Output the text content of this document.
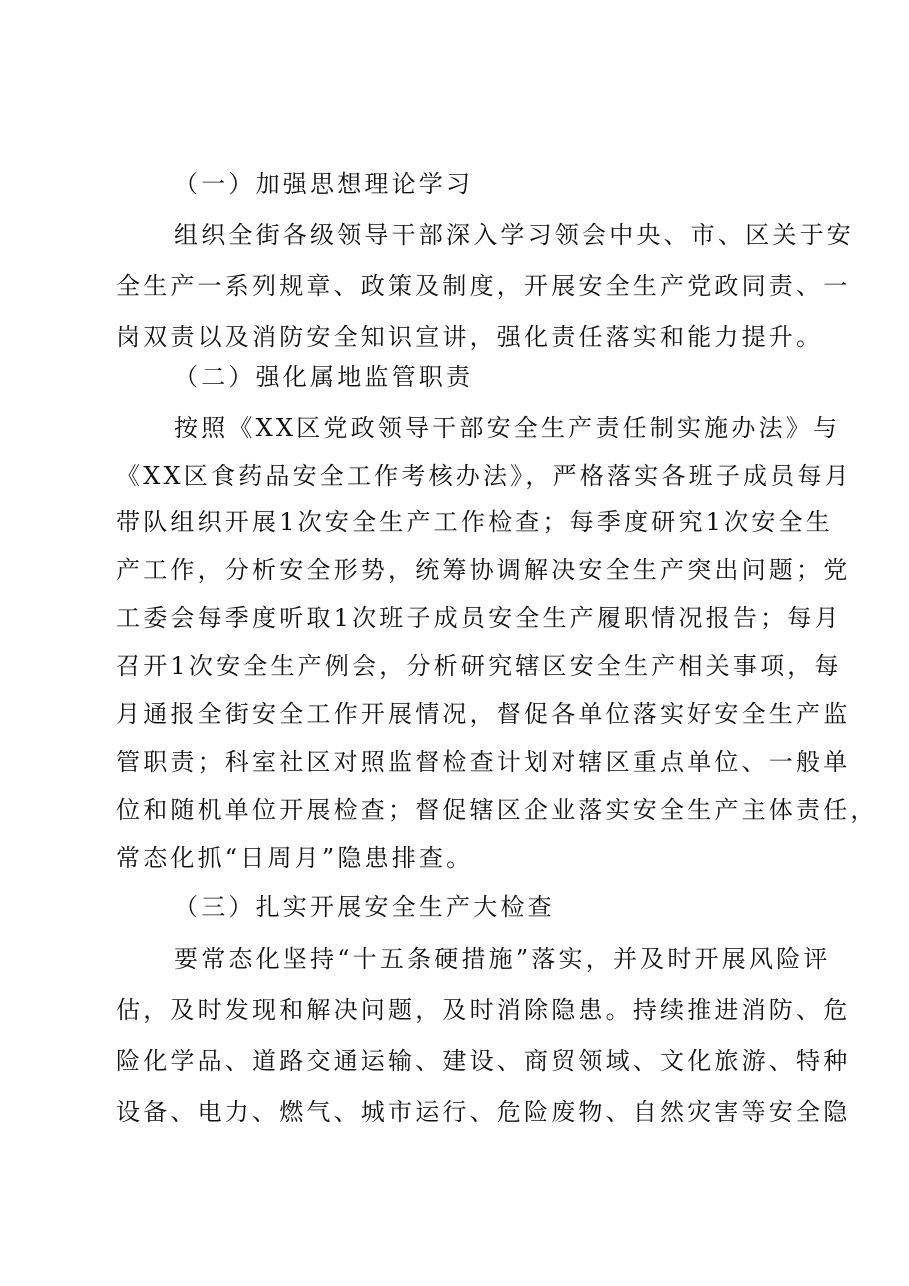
（一）加强思想理论学习
组织全街各级领导干部深入学习领会中央、市、区关于安
全生产一系列规章、政策及制度，开展安全生产党政同责、一
岗双责以及消防安全知识宣讲，强化责任落实和能力提升。
（二）强化属地监管职责
按照《XX区党政领导干部安全生产责任制实施办法》与
《XX区食药品安全工作考核办法》，严格落实各班子成员每月
带队组织开展1次安全生产工作检查；每季度研究1次安全生
产工作，分析安全形势，统筹协调解决安全生产突出问题；党
工委会每季度听取1次班子成员安全生产履职情况报告；每月
召开1次安全生产例会，分析研究辖区安全生产相关事项，每
月通报全街安全工作开展情况，督促各单位落实好安全生产监
管职责；科室社区对照监督检查计划对辖区重点单位、一般单
位和随机单位开展检查；督促辖区企业落实安全生产主体责任，
常态化抓“日周月”隐患排查。
（三）扎实开展安全生产大检查
要常态化坚持“十五条硬措施”落实，并及时开展风险评
估，及时发现和解决问题，及时消除隐患。持续推进消防、危
险化学品、道路交通运输、建设、商贸领域、文化旅游、特种
设备、电力、燃气、城市运行、危险废物、自然灾害等安全隐
